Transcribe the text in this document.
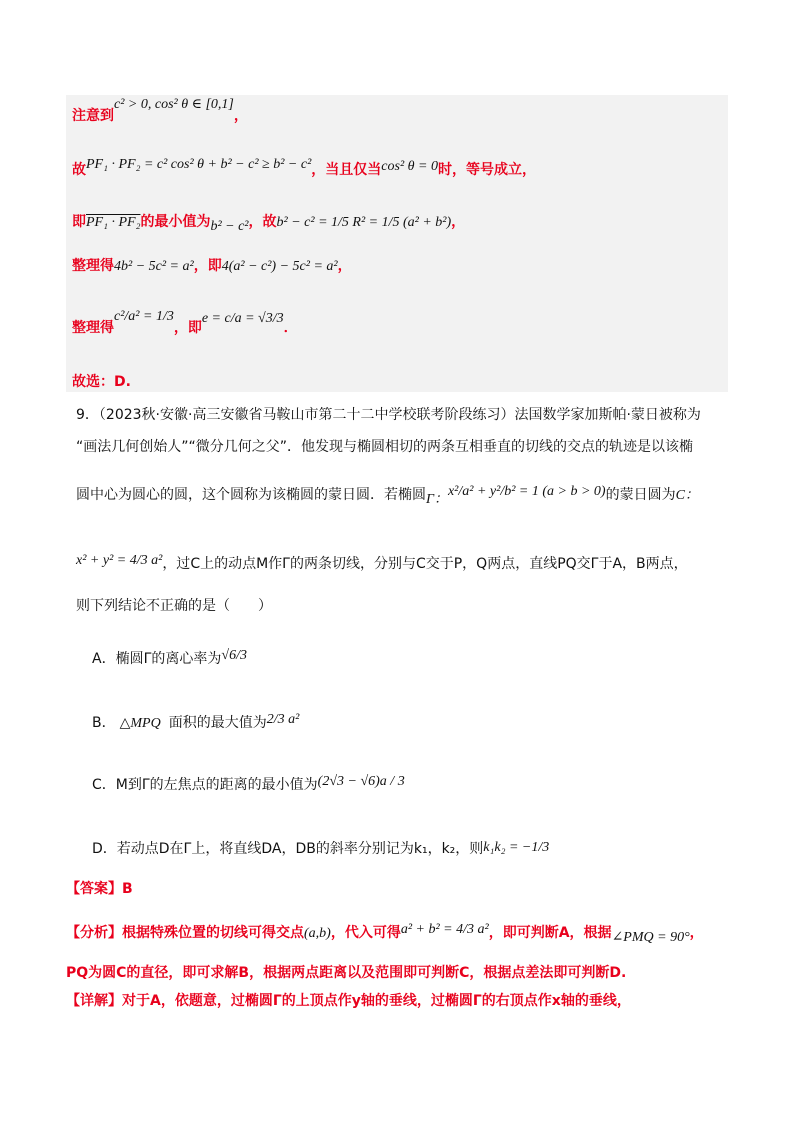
注意到c² > 0, cos² θ ∈ [0,1]，
故PF₁ · PF₂ = c² cos² θ + b² − c² ≥ b² − c²，当且仅当cos² θ = 0时，等号成立，
即PF₁ · PF₂的最小值为b² − c²，故b² − c² = 1/5 R² = 1/5 (a² + b²)，
整理得4b² − 5c² = a²，即4(a² − c²) − 5c² = a²，
整理得c²/a² = 1/3，即e = c/a = √3/3．
故选：D.
9．（2023秋·安徽·高三安徽省马鞍山市第二十二中学校联考阶段练习）法国数学家加斯帕·蒙日被称为
“画法几何创始人”“微分几何之父”．他发现与椭圆相切的两条互相垂直的切线的交点的轨迹是以该椭
圆中心为圆心的圆，这个圆称为该椭圆的蒙日圆．若椭圆Γ：x²/a² + y²/b² = 1 (a > b > 0)的蒙日圆为C：
x² + y² = 4/3 a²，过C上的动点M作Γ的两条切线，分别与C交于P，Q两点，直线PQ交Γ于A，B两点，
则下列结论不正确的是（　　）
A．椭圆Γ的离心率为√6/3
B． △MPQ 面积的最大值为2/3 a²
C．M到Γ的左焦点的距离的最小值为(2√3 − √6)a / 3
D．若动点D在Γ上，将直线DA，DB的斜率分别记为k₁，k₂，则k₁k₂ = −1/3
【答案】B
【分析】根据特殊位置的切线可得交点(a,b)，代入可得a² + b² = 4/3 a²，即可判断A，根据∠PMQ = 90°，
PQ为圆C的直径，即可求解B，根据两点距离以及范围即可判断C，根据点差法即可判断D.
【详解】对于A，依题意，过椭圆Γ的上顶点作y轴的垂线，过椭圆Γ的右顶点作x轴的垂线，
